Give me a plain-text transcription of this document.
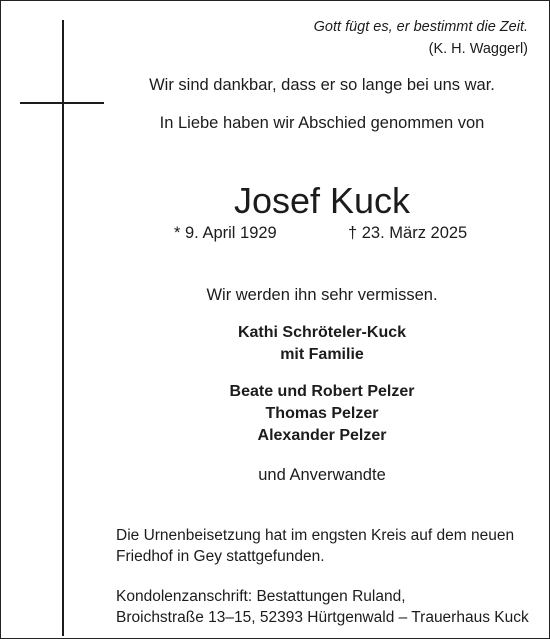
Gott fügt es, er bestimmt die Zeit.
(K. H. Waggerl)
Wir sind dankbar, dass er so lange bei uns war.
In Liebe haben wir Abschied genommen von
Josef Kuck
* 9. April 1929	† 23. März 2025
Wir werden ihn sehr vermissen.
Kathi Schröteler-Kuck
mit Familie
Beate und Robert Pelzer
Thomas Pelzer
Alexander Pelzer
und Anverwandte
Die Urnenbeisetzung hat im engsten Kreis auf dem neuen
Friedhof in Gey stattgefunden.
Kondolenzanschrift: Bestattungen Ruland,
Broichstraße 13–15, 52393 Hürtgenwald – Trauerhaus Kuck
